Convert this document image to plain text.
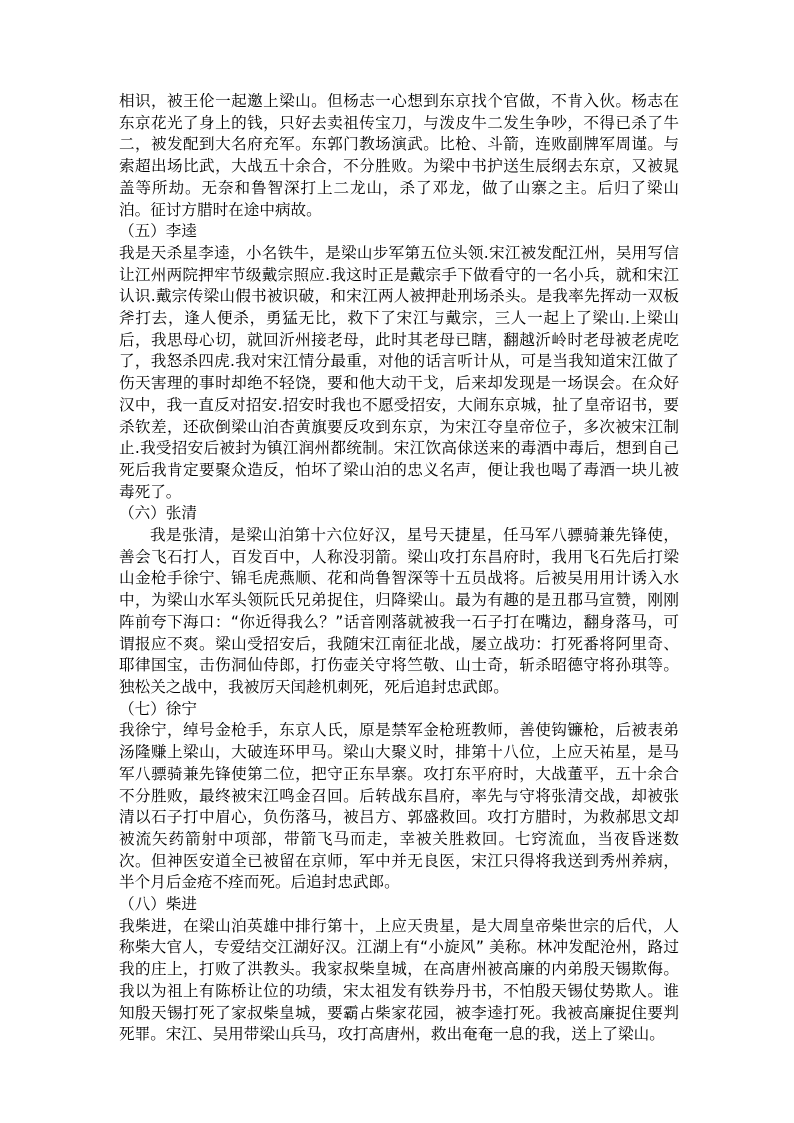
相识，被王伦一起邀上梁山。但杨志一心想到东京找个官做，不肯入伙。杨志在东京花光了身上的钱，只好去卖祖传宝刀，与泼皮牛二发生争吵，不得已杀了牛二，被发配到大名府充军。东郭门教场演武。比枪、斗箭，连败副牌军周谨。与索超出场比武，大战五十余合，不分胜败。为梁中书护送生辰纲去东京，又被晁盖等所劫。无奈和鲁智深打上二龙山，杀了邓龙，做了山寨之主。后归了梁山泊。征讨方腊时在途中病故。

（五）李逵

我是天杀星李逵，小名铁牛，是梁山步军第五位头领.宋江被发配江州，吴用写信让江州两院押牢节级戴宗照应.我这时正是戴宗手下做看守的一名小兵，就和宋江认识.戴宗传梁山假书被识破，和宋江两人被押赴刑场杀头。是我率先挥动一双板斧打去，逢人便杀，勇猛无比，救下了宋江与戴宗，三人一起上了梁山.上梁山后，我思母心切，就回沂州接老母，此时其老母已瞎，翻越沂岭时老母被老虎吃了，我怒杀四虎.我对宋江情分最重，对他的话言听计从，可是当我知道宋江做了伤天害理的事时却绝不轻饶，要和他大动干戈，后来却发现是一场误会。在众好汉中，我一直反对招安.招安时我也不愿受招安，大闹东京城，扯了皇帝诏书，要杀钦差，还砍倒梁山泊杏黄旗要反攻到东京，为宋江夺皇帝位子，多次被宋江制止.我受招安后被封为镇江润州都统制。宋江饮高俅送来的毒酒中毒后，想到自己死后我肯定要聚众造反，怕坏了梁山泊的忠义名声，便让我也喝了毒酒一块儿被毒死了。

（六）张清

我是张清，是梁山泊第十六位好汉，星号天捷星，任马军八骠骑兼先锋使，善会飞石打人，百发百中，人称没羽箭。梁山攻打东昌府时，我用飞石先后打梁山金枪手徐宁、锦毛虎燕顺、花和尚鲁智深等十五员战将。后被吴用用计诱入水中，为梁山水军头领阮氏兄弟捉住，归降梁山。最为有趣的是丑郡马宣赞，刚刚阵前夸下海口：“你近得我么？”话音刚落就被我一石子打在嘴边，翻身落马，可谓报应不爽。梁山受招安后，我随宋江南征北战，屡立战功：打死番将阿里奇、耶律国宝，击伤洞仙侍郎，打伤壶关守将竺敬、山士奇，斩杀昭德守将孙琪等。独松关之战中，我被厉天闰趁机刺死，死后追封忠武郎。

（七）徐宁

我徐宁，绰号金枪手，东京人氏，原是禁军金枪班教师，善使钩镰枪，后被表弟汤隆赚上梁山，大破连环甲马。梁山大聚义时，排第十八位，上应天祐星，是马军八骠骑兼先锋使第二位，把守正东旱寨。攻打东平府时，大战董平，五十余合不分胜败，最终被宋江鸣金召回。后转战东昌府，率先与守将张清交战，却被张清以石子打中眉心，负伤落马，被吕方、郭盛救回。攻打方腊时，为救郝思文却被流矢药箭射中项部，带箭飞马而走，幸被关胜救回。七窍流血，当夜昏迷数次。但神医安道全已被留在京师，军中并无良医，宋江只得将我送到秀州养病，半个月后金疮不痊而死。后追封忠武郎。

（八）柴进

我柴进，在梁山泊英雄中排行第十，上应天贵星，是大周皇帝柴世宗的后代，人称柴大官人，专爱结交江湖好汉。江湖上有“小旋风” 美称。林冲发配沧州，路过我的庄上，打败了洪教头。我家叔柴皇城，在高唐州被高廉的内弟殷天锡欺侮。我以为祖上有陈桥让位的功绩，宋太祖发有铁券丹书，不怕殷天锡仗势欺人。谁知殷天锡打死了家叔柴皇城，要霸占柴家花园，被李逵打死。我被高廉捉住要判死罪。宋江、吴用带梁山兵马，攻打高唐州，救出奄奄一息的我，送上了梁山。
